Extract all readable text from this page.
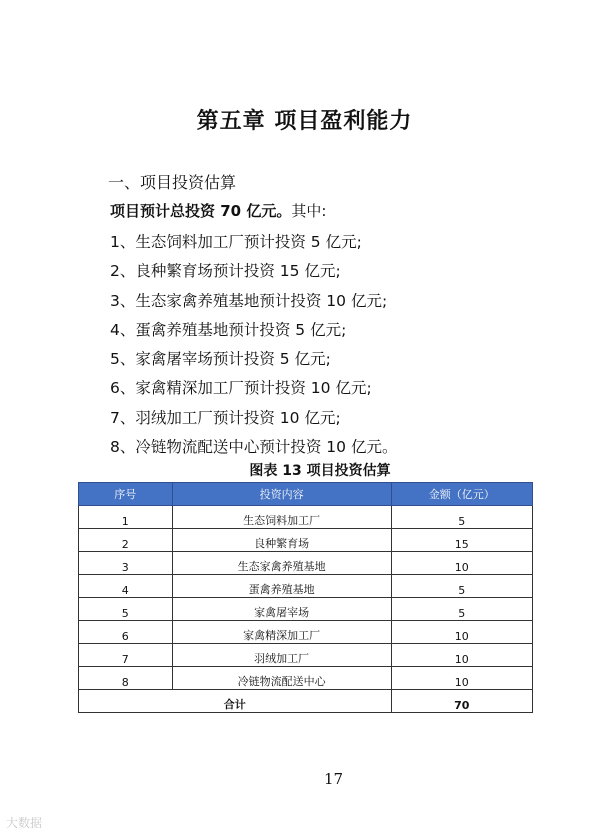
第五章 项目盈利能力
一、项目投资估算
项目预计总投资 70 亿元。其中:
1、生态饲料加工厂预计投资 5 亿元;
2、良种繁育场预计投资 15 亿元;
3、生态家禽养殖基地预计投资 10 亿元;
4、蛋禽养殖基地预计投资 5 亿元;
5、家禽屠宰场预计投资 5 亿元;
6、家禽精深加工厂预计投资 10 亿元;
7、羽绒加工厂预计投资 10 亿元;
8、冷链物流配送中心预计投资 10 亿元。
图表 13 项目投资估算
序号	投资内容	金额（亿元）
1	生态饲料加工厂	5
2	良种繁育场	15
3	生态家禽养殖基地	10
4	蛋禽养殖基地	5
5	家禽屠宰场	5
6	家禽精深加工厂	10
7	羽绒加工厂	10
8	冷链物流配送中心	10
合计		70
17
大数据
